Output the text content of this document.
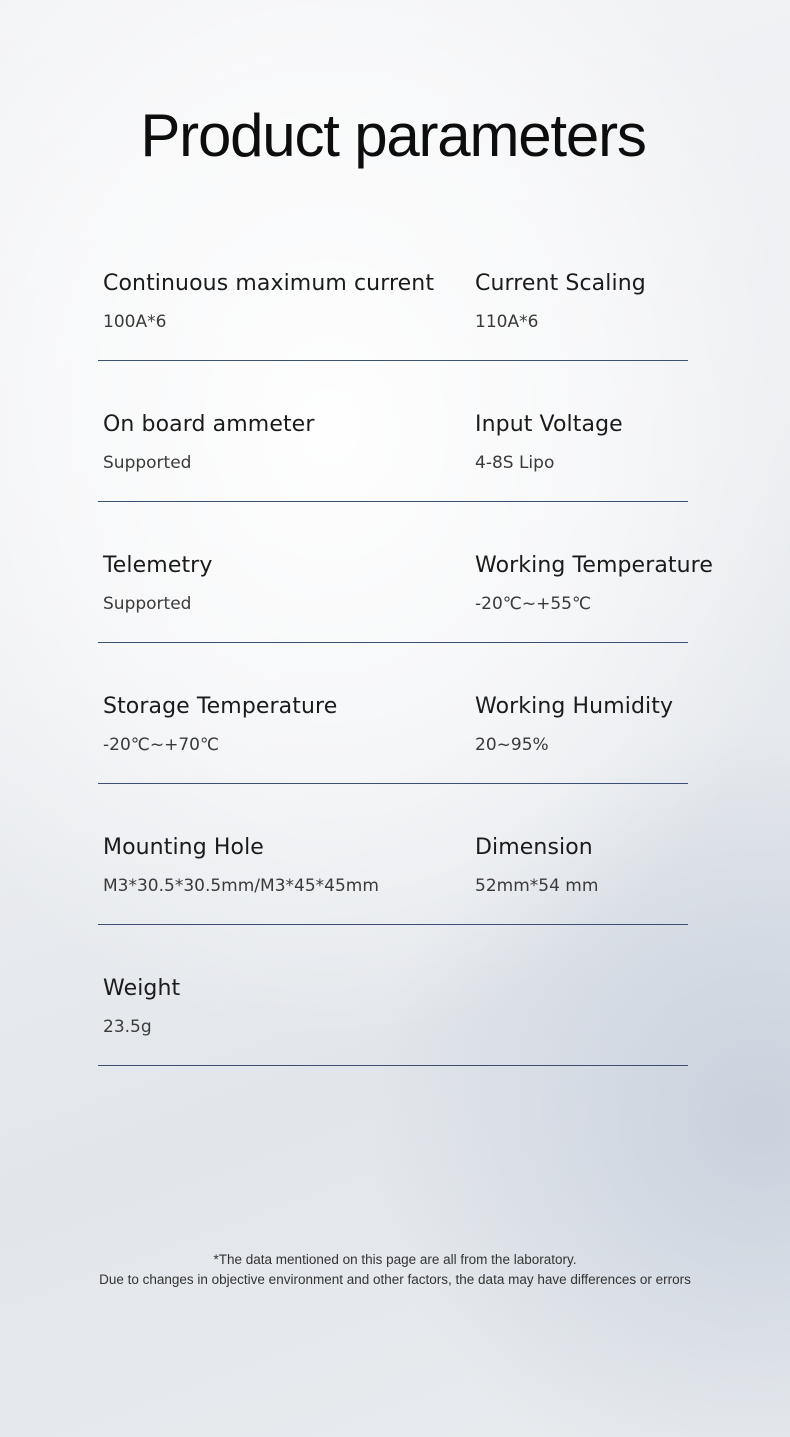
Product parameters
Continuous maximum current
100A*6
Current Scaling
110A*6
On board ammeter
Supported
Input Voltage
4-8S Lipo
Telemetry
Supported
Working Temperature
-20℃~+55℃
Storage Temperature
-20℃~+70℃
Working Humidity
20~95%
Mounting Hole
M3*30.5*30.5mm/M3*45*45mm
Dimension
52mm*54 mm
Weight
23.5g
*The data mentioned on this page are all from the laboratory.
Due to changes in objective environment and other factors, the data may have differences or errors
